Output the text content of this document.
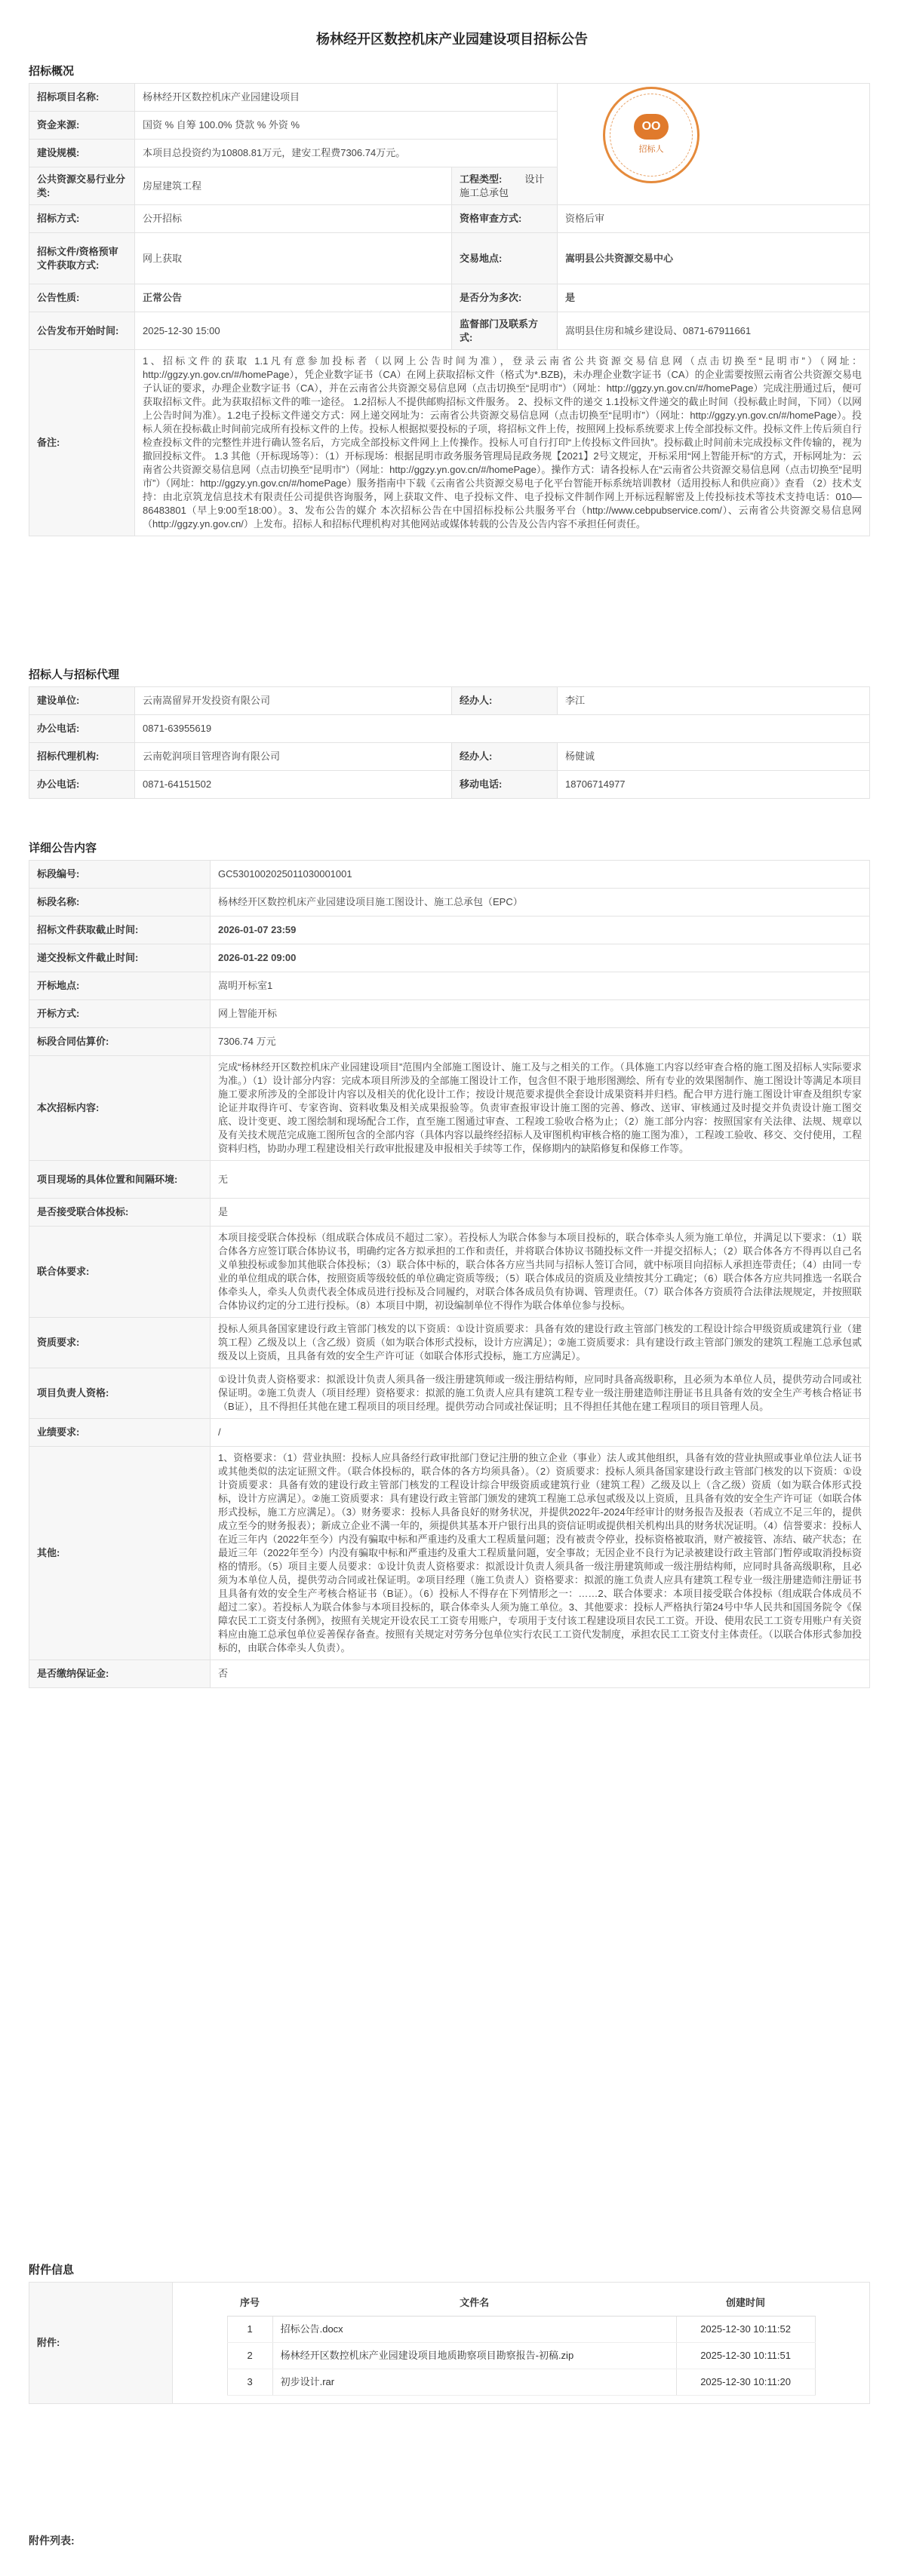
杨林经开区数控机床产业园建设项目招标公告
招标概况
招标项目名称:	杨林经开区数控机床产业园建设项目		OO
招标人

资金来源:	国资 % 自筹 100.0% 贷款 % 外资 %		
建设规模:	本项目总投资约为10808.81万元，建安工程费7306.74万元。		
公共资源交易行业分类:	房屋建筑工程	工程类型: 设计施工总承包	
招标方式:	公开招标	资格审查方式:	资格后审
招标文件/资格预审文件获取方式:	网上获取	交易地点:	嵩明县公共资源交易中心
公告性质:	正常公告	是否分为多次:	是
公告发布开始时间:	2025-12-30 15:00	监督部门及联系方式:	嵩明县住房和城乡建设局、0871-67911661
备注:	1、招标文件的获取 1.1凡有意参加投标者（以网上公告时间为准），登录云南省公共资源交易信息网（点击切换至“昆明市”）（网址：http://ggzy.yn.gov.cn/#/homePage），凭企业数字证书（CA）在网上获取招标文件（格式为*.BZB)，未办理企业数字证书（CA）的企业需要按照云南省公共资源交易电子认证的要求，办理企业数字证书（CA），并在云南省公共资源交易信息网（点击切换至“昆明市”）（网址：http://ggzy.yn.gov.cn/#/homePage）完成注册通过后，便可获取招标文件。此为获取招标文件的唯一途径。 1.2招标人不提供邮购招标文件服务。 2、投标文件的递交 1.1投标文件递交的截止时间（投标截止时间，下同）（以网上公告时间为准）。1.2电子投标文件递交方式：网上递交网址为：云南省公共资源交易信息网（点击切换至“昆明市”）（网址：http://ggzy.yn.gov.cn/#/homePage）。投标人须在投标截止时间前完成所有投标文件的上传。投标人根据拟要投标的子项，将招标文件上传，按照网上投标系统要求上传全部投标文件。投标文件上传后须自行检查投标文件的完整性并进行确认签名后，方完成全部投标文件网上上传操作。投标人可自行打印“上传投标文件回执”。投标截止时间前未完成投标文件传输的，视为撤回投标文件。 1.3 其他（开标现场等）：（1）开标现场：根据昆明市政务服务管理局昆政务规【2021】2号文规定，开标采用“网上智能开标”的方式，开标网址为：云南省公共资源交易信息网（点击切换至“昆明市”）（网址：http://ggzy.yn.gov.cn/#/homePage）。操作方式：请各投标人在“云南省公共资源交易信息网（点击切换至“昆明市”）（网址：http://ggzy.yn.gov.cn/#/homePage）服务指南中下载《云南省公共资源交易电子化平台智能开标系统培训教材（适用投标人和供应商）》查看 （2）技术支持：由北京筑龙信息技术有限责任公司提供咨询服务，网上获取文件、电子投标文件、电子投标文件制作网上开标远程解密及上传投标技术等技术支持电话：010—86483801（早上9:00至18:00）。3、发布公告的媒介 本次招标公告在中国招标投标公共服务平台（http://www.cebpubservice.com/）、云南省公共资源交易信息网（http://ggzy.yn.gov.cn/）上发布。招标人和招标代理机构对其他网站或媒体转载的公告及公告内容不承担任何责任。		
招标人与招标代理
建设单位:	云南嵩留昇开发投资有限公司	经办人:	李江
办公电话:	0871-63955619		
招标代理机构:	云南乾润项目管理咨询有限公司	经办人:	杨健诚
办公电话:	0871-64151502	移动电话:	18706714977
详细公告内容
标段编号:	GC5301002025011030001001
标段名称:	杨林经开区数控机床产业园建设项目施工图设计、施工总承包（EPC）
招标文件获取截止时间:	2026-01-07 23:59
递交投标文件截止时间:	2026-01-22 09:00
开标地点:	嵩明开标室1
开标方式:	网上智能开标
标段合同估算价:	7306.74 万元
本次招标内容:	完成“杨林经开区数控机床产业园建设项目”范围内全部施工图设计、施工及与之相关的工作。（具体施工内容以经审查合格的施工图及招标人实际要求为准。）（1）设计部分内容：完成本项目所涉及的全部施工图设计工作，包含但不限于地形图测绘、所有专业的效果图制作、施工图设计等满足本项目施工要求所涉及的全部设计内容以及相关的优化设计工作；按设计规范要求提供全套设计成果资料并归档。配合甲方进行施工图设计审查及组织专家论证并取得许可、专家咨询、资料收集及相关成果报验等。负责审查报审设计施工图的完善、修改、送审、审核通过及时提交并负责设计施工图交底、设计变更、竣工图绘制和现场配合工作，直至施工图通过审查、工程竣工验收合格为止；（2）施工部分内容：按照国家有关法律、法规、规章以及有关技术规范完成施工图所包含的全部内容（具体内容以最终经招标人及审图机构审核合格的施工图为准），工程竣工验收、移交、交付使用，工程资料归档，协助办理工程建设相关行政审批报建及申报相关手续等工作，保修期内的缺陷修复和保修工作等。
项目现场的具体位置和间隔环境:	无
是否接受联合体投标:	是
联合体要求:	本项目接受联合体投标（组成联合体成员不超过二家）。若投标人为联合体参与本项目投标的，联合体牵头人须为施工单位，并满足以下要求：（1）联合体各方应签订联合体协议书，明确约定各方拟承担的工作和责任，并将联合体协议书随投标文件一并提交招标人；（2）联合体各方不得再以自己名义单独投标或参加其他联合体投标；（3）联合体中标的，联合体各方应当共同与招标人签订合同，就中标项目向招标人承担连带责任；（4）由同一专业的单位组成的联合体，按照资质等级较低的单位确定资质等级；（5）联合体成员的资质及业绩按其分工确定；（6）联合体各方应共同推选一名联合体牵头人，牵头人负责代表全体成员进行投标及合同履约，对联合体各成员负有协调、管理责任。（7）联合体各方资质符合法律法规规定，并按照联合体协议约定的分工进行投标。（8）本项目中期，初设编制单位不得作为联合体单位参与投标。
资质要求:	投标人须具备国家建设行政主管部门核发的以下资质：①设计资质要求：具备有效的建设行政主管部门核发的工程设计综合甲级资质或建筑行业（建筑工程）乙级及以上（含乙级）资质（如为联合体形式投标，设计方应满足）；②施工资质要求：具有建设行政主管部门颁发的建筑工程施工总承包贰级及以上资质，且具备有效的安全生产许可证（如联合体形式投标，施工方应满足）。
项目负责人资格:	①设计负责人资格要求：拟派设计负责人须具备一级注册建筑师或一级注册结构师，应同时具备高级职称，且必须为本单位人员，提供劳动合同或社保证明。②施工负责人（项目经理）资格要求：拟派的施工负责人应具有建筑工程专业一级注册建造师注册证书且具备有效的安全生产考核合格证书（B证），且不得担任其他在建工程项目的项目经理。提供劳动合同或社保证明；且不得担任其他在建工程项目的项目管理人员。
业绩要求:	/
其他:	1、资格要求：（1）营业执照：投标人应具备经行政审批部门登记注册的独立企业（事业）法人或其他组织，具备有效的营业执照或事业单位法人证书或其他类似的法定证照文件。（联合体投标的，联合体的各方均须具备）。（2）资质要求：投标人须具备国家建设行政主管部门核发的以下资质：①设计资质要求：具备有效的建设行政主管部门核发的工程设计综合甲级资质或建筑行业（建筑工程）乙级及以上（含乙级）资质（如为联合体形式投标，设计方应满足）。②施工资质要求：具有建设行政主管部门颁发的建筑工程施工总承包贰级及以上资质，且具备有效的安全生产许可证（如联合体形式投标，施工方应满足）。（3）财务要求：投标人具备良好的财务状况，并提供2022年-2024年经审计的财务报告及报表（若成立不足三年的，提供成立至今的财务报表）；新成立企业不满一年的，须提供其基本开户银行出具的资信证明或提供相关机构出具的财务状况证明。（4）信誉要求：投标人在近三年内（2022年至今）内没有骗取中标和严重违约及重大工程质量问题；没有被责令停业，投标资格被取消，财产被接管、冻结、破产状态；在最近三年（2022年至今）内没有骗取中标和严重违约及重大工程质量问题，安全事故；无因企业不良行为记录被建设行政主管部门暂停或取消投标资格的情形。（5）项目主要人员要求：①设计负责人资格要求：拟派设计负责人须具备一级注册建筑师或一级注册结构师，应同时具备高级职称，且必须为本单位人员，提供劳动合同或社保证明。②项目经理（施工负责人）资格要求：拟派的施工负责人应具有建筑工程专业一级注册建造师注册证书且具备有效的安全生产考核合格证书（B证）。（6）投标人不得存在下列情形之一：……2、联合体要求：本项目接受联合体投标（组成联合体成员不超过二家）。若投标人为联合体参与本项目投标的，联合体牵头人须为施工单位。3、其他要求：投标人严格执行第24号中华人民共和国国务院令《保障农民工工资支付条例》，按照有关规定开设农民工工资专用账户，专项用于支付该工程建设项目农民工工资。开设、使用农民工工资专用账户有关资料应由施工总承包单位妥善保存备查。按照有关规定对劳务分包单位实行农民工工资代发制度，承担农民工工资支付主体责任。（以联合体形式参加投标的，由联合体牵头人负责）。
是否缴纳保证金:	否
附件信息
附件:	
序号	文件名	创建时间
1	招标公告.docx	2025-12-30 10:11:52
2	杨林经开区数控机床产业园建设项目地质勘察项目勘察报告-初稿.zip	2025-12-30 10:11:51
3	初步设计.rar	2025-12-30 10:11:20
附件列表:
